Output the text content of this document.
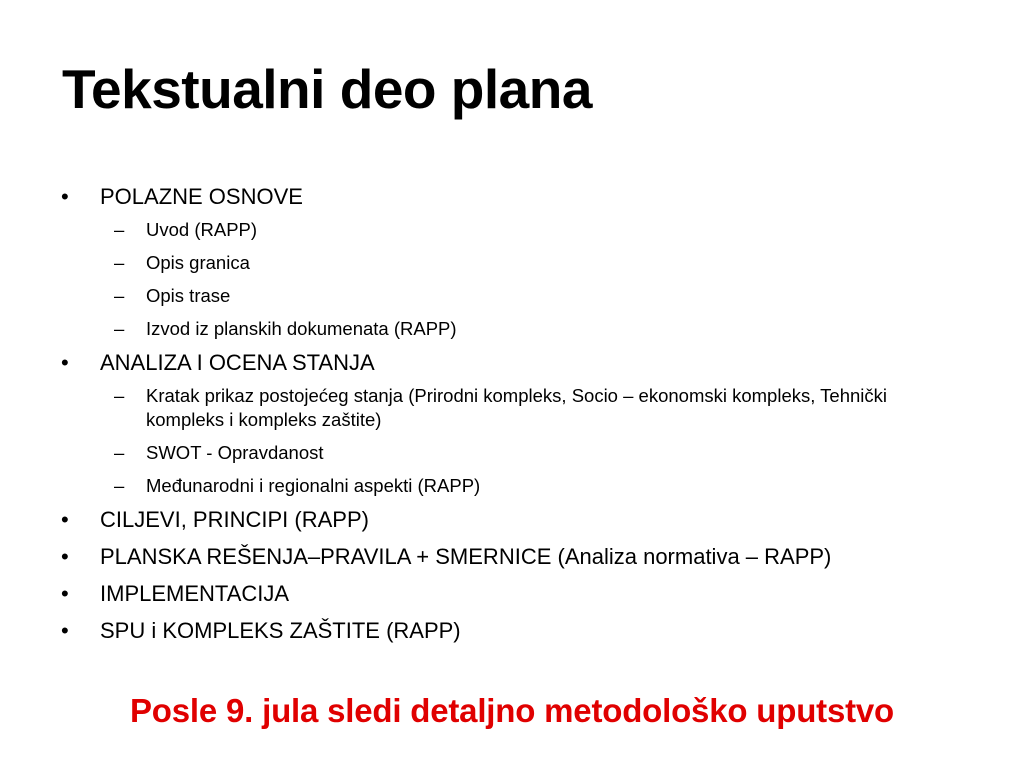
Tekstualni deo plana
•	POLAZNE OSNOVE
–	Uvod (RAPP)
–	Opis granica
–	Opis trase
–	Izvod iz planskih dokumenata (RAPP)
•	ANALIZA I OCENA STANJA
–	Kratak prikaz postojećeg stanja (Prirodni kompleks, Socio – ekonomski kompleks, Tehnički kompleks i kompleks zaštite)
–	SWOT - Opravdanost
–	Međunarodni i regionalni aspekti (RAPP)
•	CILJEVI, PRINCIPI (RAPP)
•	PLANSKA REŠENJA–PRAVILA + SMERNICE (Analiza normativa – RAPP)
•	IMPLEMENTACIJA
•	SPU i KOMPLEKS ZAŠTITE (RAPP)

Posle 9. jula sledi detaljno metodološko uputstvo
